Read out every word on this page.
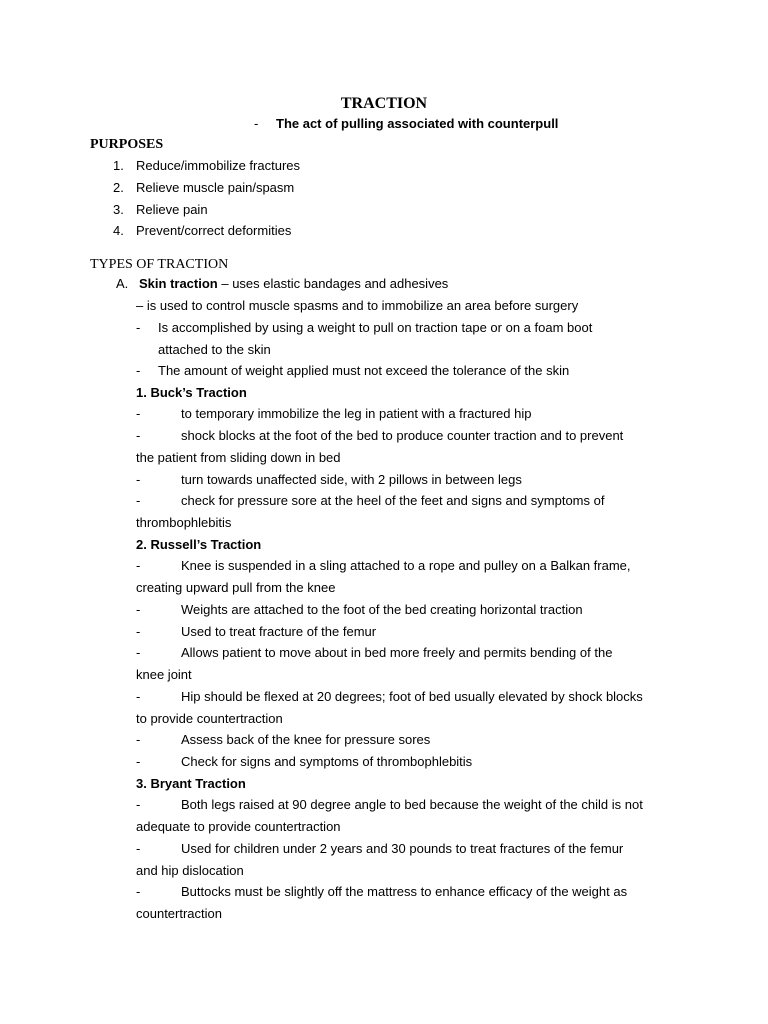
TRACTION
- The act of pulling associated with counterpull
PURPOSES
1. Reduce/immobilize fractures
2. Relieve muscle pain/spasm
3. Relieve pain
4. Prevent/correct deformities
TYPES OF TRACTION
A. Skin traction – uses elastic bandages and adhesives
– is used to control muscle spasms and to immobilize an area before surgery
- Is accomplished by using a weight to pull on traction tape or on a foam boot
attached to the skin
- The amount of weight applied must not exceed the tolerance of the skin
1. Buck’s Traction
-	to temporary immobilize the leg in patient with a fractured hip
-	shock blocks at the foot of the bed to produce counter traction and to prevent
the patient from sliding down in bed
-	turn towards unaffected side, with 2 pillows in between legs
-	check for pressure sore at the heel of the feet and signs and symptoms of
thrombophlebitis
2. Russell’s Traction
-	Knee is suspended in a sling attached to a rope and pulley on a Balkan frame,
creating upward pull from the knee
-	Weights are attached to the foot of the bed creating horizontal traction
-	Used to treat fracture of the femur
-	Allows patient to move about in bed more freely and permits bending of the
knee joint
-	Hip should be flexed at 20 degrees; foot of bed usually elevated by shock blocks
to provide countertraction
-	Assess back of the knee for pressure sores
-	Check for signs and symptoms of thrombophlebitis
3. Bryant Traction
-	Both legs raised at 90 degree angle to bed because the weight of the child is not
adequate to provide countertraction
-	Used for children under 2 years and 30 pounds to treat fractures of the femur
and hip dislocation
-	Buttocks must be slightly off the mattress to enhance efficacy of the weight as
countertraction
